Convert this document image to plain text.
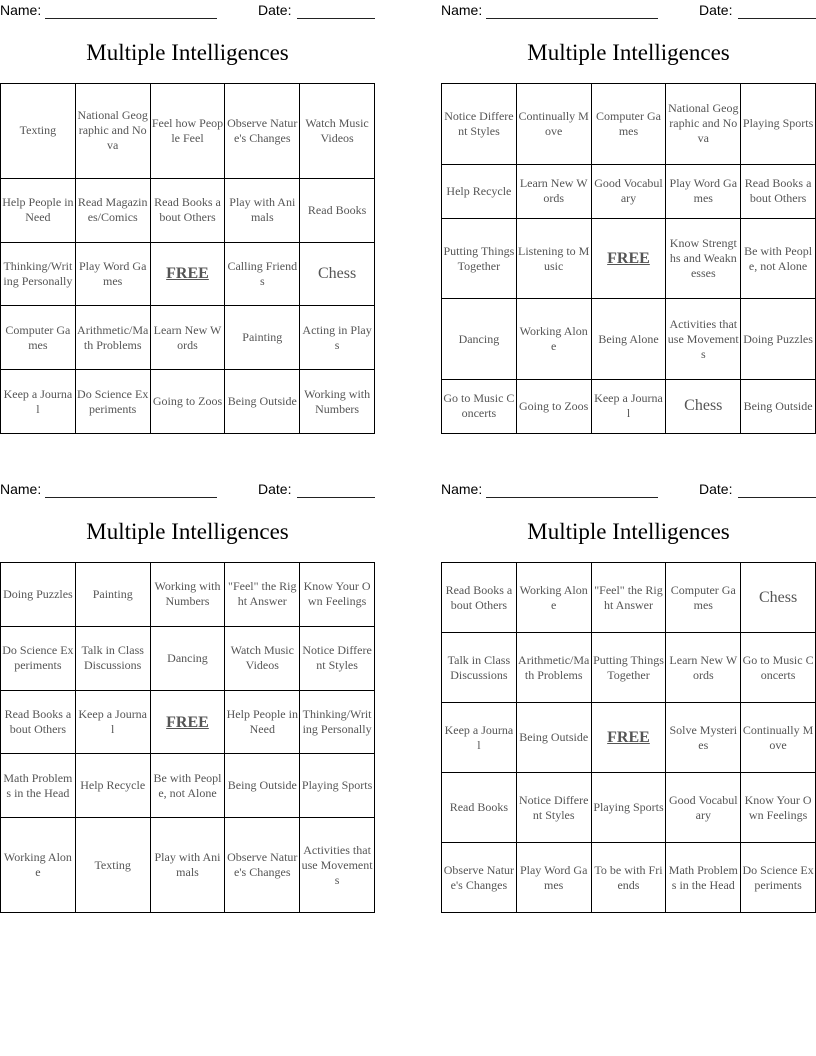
Name:	Date:
Multiple Intelligences
Texting	National Geographic and Nova	Feel how People Feel	Observe Nature's Changes	Watch Music Videos
Help People in Need	Read Magazines/Comics	Read Books about Others	Play with Animals	Read Books
Thinking/Writing Personally	Play Word Games	FREE	Calling Friends	Chess
Computer Games	Arithmetic/Math Problems	Learn New Words	Painting	Acting in Plays
Keep a Journal	Do Science Experiments	Going to Zoos	Being Outside	Working with Numbers
Name:	Date:
Multiple Intelligences
Notice Different Styles	Continually Move	Computer Games	National Geographic and Nova	Playing Sports
Help Recycle	Learn New Words	Good Vocabulary	Play Word Games	Read Books about Others
Putting Things Together	Listening to Music	FREE	Know Strengths and Weaknesses	Be with People, not Alone
Dancing	Working Alone	Being Alone	Activities that use Movements	Doing Puzzles
Go to Music Concerts	Going to Zoos	Keep a Journal	Chess	Being Outside
Name:	Date:
Multiple Intelligences
Doing Puzzles	Painting	Working with Numbers	"Feel" the Right Answer	Know Your Own Feelings
Do Science Experiments	Talk in Class Discussions	Dancing	Watch Music Videos	Notice Different Styles
Read Books about Others	Keep a Journal	FREE	Help People in Need	Thinking/Writing Personally
Math Problems in the Head	Help Recycle	Be with People, not Alone	Being Outside	Playing Sports
Working Alone	Texting	Play with Animals	Observe Nature's Changes	Activities that use Movements
Name:	Date:
Multiple Intelligences
Read Books about Others	Working Alone	"Feel" the Right Answer	Computer Games	Chess
Talk in Class Discussions	Arithmetic/Math Problems	Putting Things Together	Learn New Words	Go to Music Concerts
Keep a Journal	Being Outside	FREE	Solve Mysteries	Continually Move
Read Books	Notice Different Styles	Playing Sports	Good Vocabulary	Know Your Own Feelings
Observe Nature's Changes	Play Word Games	To be with Friends	Math Problems in the Head	Do Science Experiments
